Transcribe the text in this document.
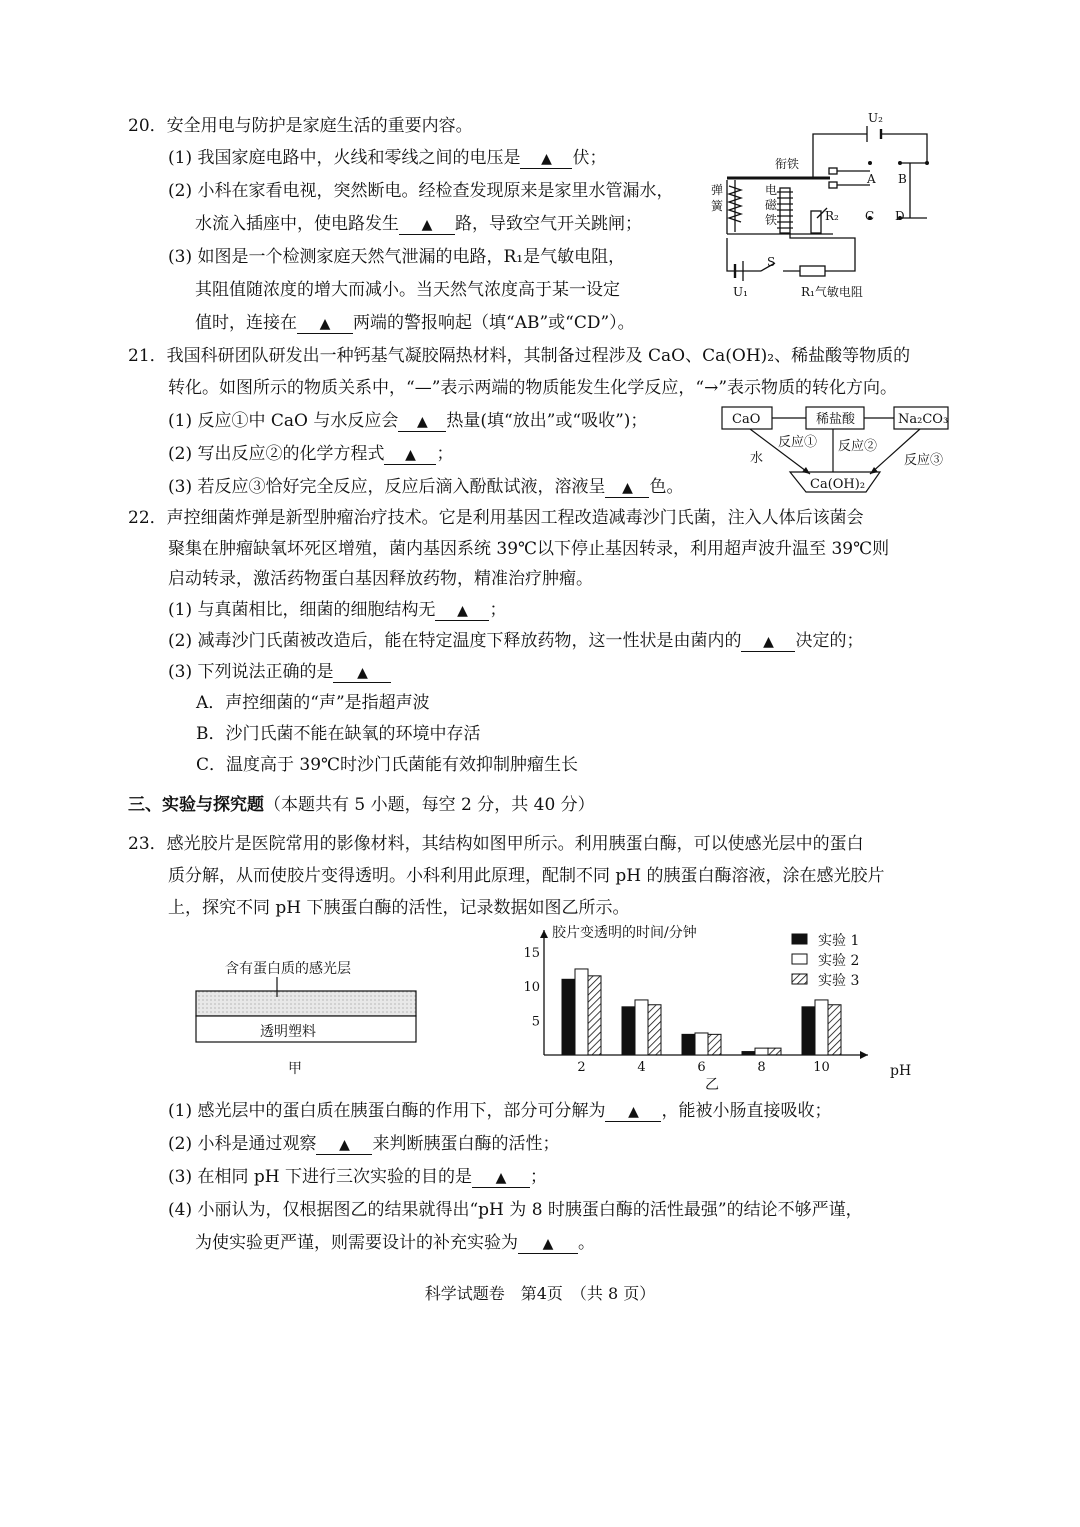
20．安全用电与防护是家庭生活的重要内容。
(1) 我国家庭电路中，火线和零线之间的电压是 ▲ 伏；
(2) 小科在家看电视，突然断电。经检查发现原来是家里水管漏水，
水流入插座中，使电路发生 ▲ 路，导致空气开关跳闸；
(3) 如图是一个检测家庭天然气泄漏的电路，R₁是气敏电阻，
其阻值随浓度的增大而减小。当天然气浓度高于某一设定
值时，连接在 ▲ 两端的警报响起（填“AB”或“CD”）。
U₂
衔铁
弹
簧
电
磁
铁	R₂
A B
C D
S
U₁	R₁气敏电阻
21．我国科研团队研发出一种钙基气凝胶隔热材料，其制备过程涉及 CaO、Ca(OH)₂、稀盐酸等物质的
转化。如图所示的物质关系中，“—”表示两端的物质能发生化学反应，“→”表示物质的转化方向。
(1) 反应①中 CaO 与水反应会 ▲ 热量(填“放出”或“吸收”)；
(2) 写出反应②的化学方程式 ▲ ；
(3) 若反应③恰好完全反应，反应后滴入酚酞试液，溶液呈 ▲ 色。
CaO	稀盐酸	Na₂CO₃
反应① 反应②
反应③
水
Ca(OH)₂
22．声控细菌炸弹是新型肿瘤治疗技术。它是利用基因工程改造减毒沙门氏菌，注入人体后该菌会
聚集在肿瘤缺氧坏死区增殖，菌内基因系统 39℃以下停止基因转录，利用超声波升温至 39℃则
启动转录，激活药物蛋白基因释放药物，精准治疗肿瘤。
(1) 与真菌相比，细菌的细胞结构无 ▲ ；
(2) 减毒沙门氏菌被改造后，能在特定温度下释放药物，这一性状是由菌内的 ▲ 决定的；
(3) 下列说法正确的是 ▲
A．声控细菌的“声”是指超声波
B．沙门氏菌不能在缺氧的环境中存活
C．温度高于 39℃时沙门氏菌能有效抑制肿瘤生长
三、实验与探究题（本题共有 5 小题，每空 2 分，共 40 分）
23．感光胶片是医院常用的影像材料，其结构如图甲所示。利用胰蛋白酶，可以使感光层中的蛋白
质分解，从而使胶片变得透明。小科利用此原理，配制不同 pH 的胰蛋白酶溶液，涂在感光胶片
上，探究不同 pH 下胰蛋白酶的活性，记录数据如图乙所示。
含有蛋白质的感光层
透明塑料
甲
胶片变透明的时间/分钟
pH
乙
5
10
15
2	4	6	8	10
实验 1
实验 2
实验 3
(1) 感光层中的蛋白质在胰蛋白酶的作用下，部分可分解为 ▲ ，能被小肠直接吸收；
(2) 小科是通过观察 ▲ 来判断胰蛋白酶的活性；
(3) 在相同 pH 下进行三次实验的目的是 ▲ ；
(4) 小丽认为，仅根据图乙的结果就得出“pH 为 8 时胰蛋白酶的活性最强”的结论不够严谨，
为使实验更严谨，则需要设计的补充实验为 ▲ 。
科学试题卷　第4页　（共 8 页）
